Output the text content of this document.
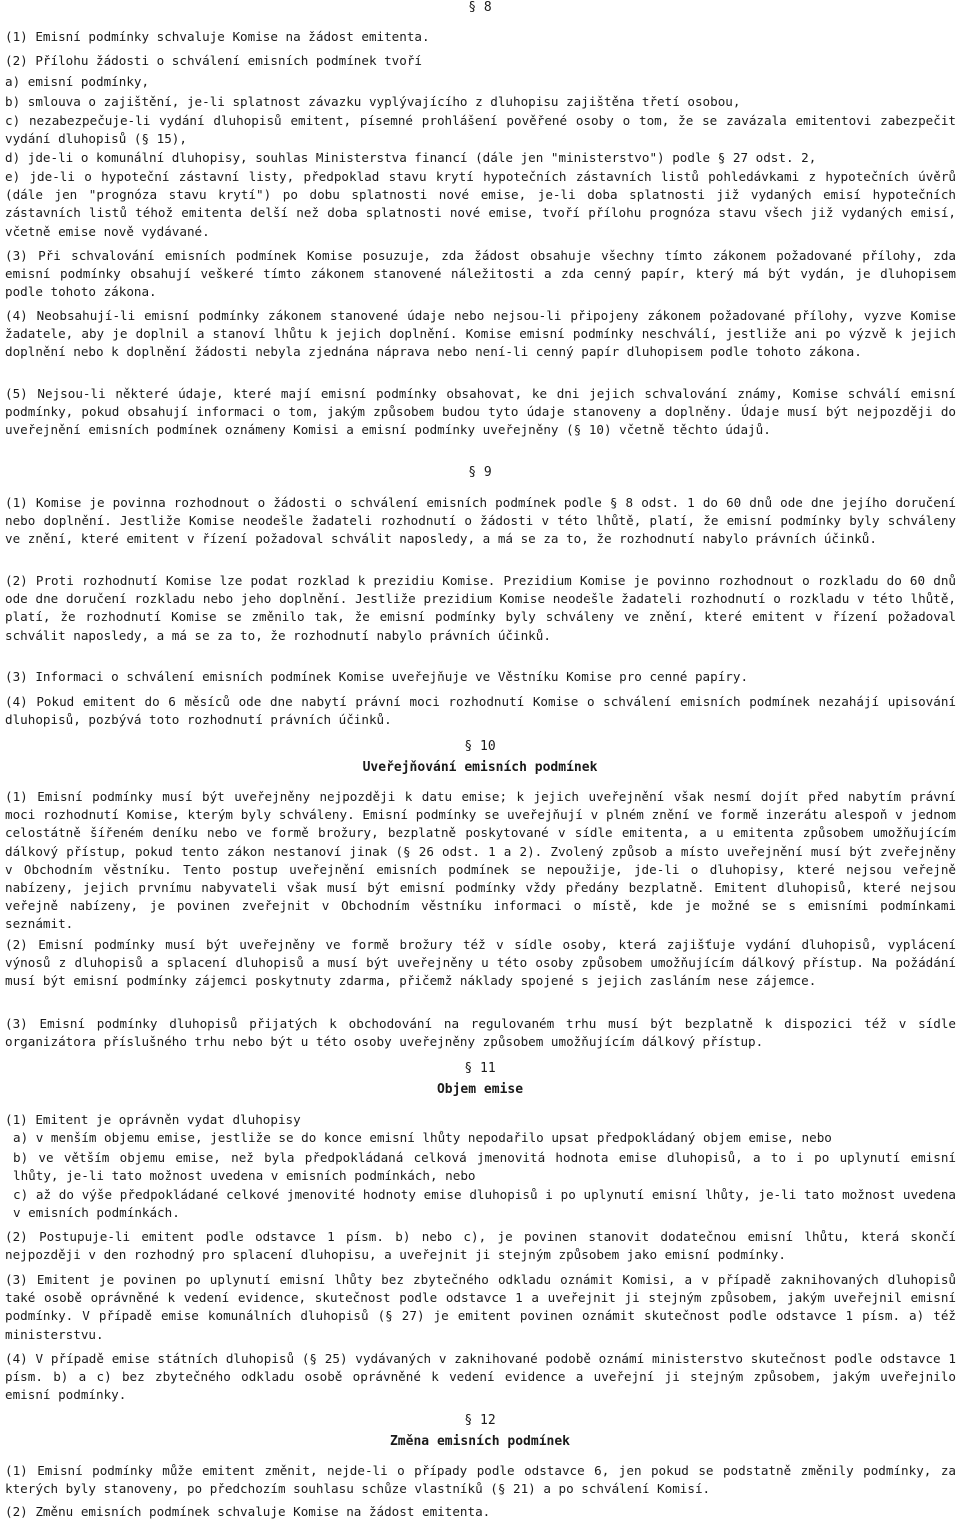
§ 8

(1) Emisní podmínky schvaluje Komise na žádost emitenta.

(2) Přílohu žádosti o schválení emisních podmínek tvoří

a) emisní podmínky,

b) smlouva o zajištění, je-li splatnost závazku vyplývajícího z dluhopisu zajištěna třetí osobou,

c) nezabezpečuje-li vydání dluhopisů emitent, písemné prohlášení pověřené osoby o tom, že se zavázala emitentovi zabezpečit vydání dluhopisů (§ 15),

d) jde-li o komunální dluhopisy, souhlas Ministerstva financí (dále jen "ministerstvo") podle § 27 odst. 2,

e) jde-li o hypoteční zástavní listy, předpoklad stavu krytí hypotečních zástavních listů pohledávkami z hypotečních úvěrů (dále jen "prognóza stavu krytí") po dobu splatnosti nové emise, je-li doba splatnosti již vydaných emisí hypotečních zástavních listů téhož emitenta delší než doba splatnosti nové emise, tvoří přílohu prognóza stavu všech již vydaných emisí, včetně emise nově vydávané.

(3) Při schvalování emisních podmínek Komise posuzuje, zda žádost obsahuje všechny tímto zákonem požadované přílohy, zda emisní podmínky obsahují veškeré tímto zákonem stanovené náležitosti a zda cenný papír, který má být vydán, je dluhopisem podle tohoto zákona.

(4) Neobsahují-li emisní podmínky zákonem stanovené údaje nebo nejsou-li připojeny zákonem požadované přílohy, vyzve Komise žadatele, aby je doplnil a stanoví lhůtu k jejich doplnění. Komise emisní podmínky neschválí, jestliže ani po výzvě k jejich doplnění nebo k doplnění žádosti nebyla zjednána náprava nebo není-li cenný papír dluhopisem podle tohoto zákona.

(5) Nejsou-li některé údaje, které mají emisní podmínky obsahovat, ke dni jejich schvalování známy, Komise schválí emisní podmínky, pokud obsahují informaci o tom, jakým způsobem budou tyto údaje stanoveny a doplněny. Údaje musí být nejpozději do uveřejnění emisních podmínek oznámeny Komisi a emisní podmínky uveřejněny (§ 10) včetně těchto údajů.

§ 9

(1) Komise je povinna rozhodnout o žádosti o schválení emisních podmínek podle § 8 odst. 1 do 60 dnů ode dne jejího doručení nebo doplnění. Jestliže Komise neodešle žadateli rozhodnutí o žádosti v této lhůtě, platí, že emisní podmínky byly schváleny ve znění, které emitent v řízení požadoval schválit naposledy, a má se za to, že rozhodnutí nabylo právních účinků.

(2) Proti rozhodnutí Komise lze podat rozklad k prezidiu Komise. Prezidium Komise je povinno rozhodnout o rozkladu do 60 dnů ode dne doručení rozkladu nebo jeho doplnění. Jestliže prezidium Komise neodešle žadateli rozhodnutí o rozkladu v této lhůtě, platí, že rozhodnutí Komise se změnilo tak, že emisní podmínky byly schváleny ve znění, které emitent v řízení požadoval schválit naposledy, a má se za to, že rozhodnutí nabylo právních účinků.

(3) Informaci o schválení emisních podmínek Komise uveřejňuje ve Věstníku Komise pro cenné papíry.

(4) Pokud emitent do 6 měsíců ode dne nabytí právní moci rozhodnutí Komise o schválení emisních podmínek nezahájí upisování dluhopisů, pozbývá toto rozhodnutí právních účinků.

§ 10
Uveřejňování emisních podmínek

(1) Emisní podmínky musí být uveřejněny nejpozději k datu emise; k jejich uveřejnění však nesmí dojít před nabytím právní moci rozhodnutí Komise, kterým byly schváleny. Emisní podmínky se uveřejňují v plném znění ve formě inzerátu alespoň v jednom celostátně šířeném deníku nebo ve formě brožury, bezplatně poskytované v sídle emitenta, a u emitenta způsobem umožňujícím dálkový přístup, pokud tento zákon nestanoví jinak (§ 26 odst. 1 a 2). Zvolený způsob a místo uveřejnění musí být zveřejněny v Obchodním věstníku. Tento postup uveřejnění emisních podmínek se nepoužije, jde-li o dluhopisy, které nejsou veřejně nabízeny, jejich prvnímu nabyvateli však musí být emisní podmínky vždy předány bezplatně. Emitent dluhopisů, které nejsou veřejně nabízeny, je povinen zveřejnit v Obchodním věstníku informaci o místě, kde je možné se s emisními podmínkami seznámit.

(2) Emisní podmínky musí být uveřejněny ve formě brožury též v sídle osoby, která zajišťuje vydání dluhopisů, vyplácení výnosů z dluhopisů a splacení dluhopisů a musí být uveřejněny u této osoby způsobem umožňujícím dálkový přístup. Na požádání musí být emisní podmínky zájemci poskytnuty zdarma, přičemž náklady spojené s jejich zasláním nese zájemce.

(3) Emisní podmínky dluhopisů přijatých k obchodování na regulovaném trhu musí být bezplatně k dispozici též v sídle organizátora příslušného trhu nebo být u této osoby uveřejněny způsobem umožňujícím dálkový přístup.

§ 11
Objem emise

(1) Emitent je oprávněn vydat dluhopisy

a) v menším objemu emise, jestliže se do konce emisní lhůty nepodařilo upsat předpokládaný objem emise, nebo

b) ve větším objemu emise, než byla předpokládaná celková jmenovitá hodnota emise dluhopisů, a to i po uplynutí emisní lhůty, je-li tato možnost uvedena v emisních podmínkách, nebo

c) až do výše předpokládané celkové jmenovité hodnoty emise dluhopisů i po uplynutí emisní lhůty, je-li tato možnost uvedena v emisních podmínkách.

(2) Postupuje-li emitent podle odstavce 1 písm. b) nebo c), je povinen stanovit dodatečnou emisní lhůtu, která skončí nejpozději v den rozhodný pro splacení dluhopisu, a uveřejnit ji stejným způsobem jako emisní podmínky.

(3) Emitent je povinen po uplynutí emisní lhůty bez zbytečného odkladu oznámit Komisi, a v případě zaknihovaných dluhopisů také osobě oprávněné k vedení evidence, skutečnost podle odstavce 1 a uveřejnit ji stejným způsobem, jakým uveřejnil emisní podmínky. V případě emise komunálních dluhopisů (§ 27) je emitent povinen oznámit skutečnost podle odstavce 1 písm. a) též ministerstvu.

(4) V případě emise státních dluhopisů (§ 25) vydávaných v zaknihované podobě oznámí ministerstvo skutečnost podle odstavce 1 písm. b) a c) bez zbytečného odkladu osobě oprávněné k vedení evidence a uveřejní ji stejným způsobem, jakým uveřejnilo emisní podmínky.

§ 12
Změna emisních podmínek

(1) Emisní podmínky může emitent změnit, nejde-li o případy podle odstavce 6, jen pokud se podstatně změnily podmínky, za kterých byly stanoveny, po předchozím souhlasu schůze vlastníků (§ 21) a po schválení Komisí.

(2) Změnu emisních podmínek schvaluje Komise na žádost emitenta.
